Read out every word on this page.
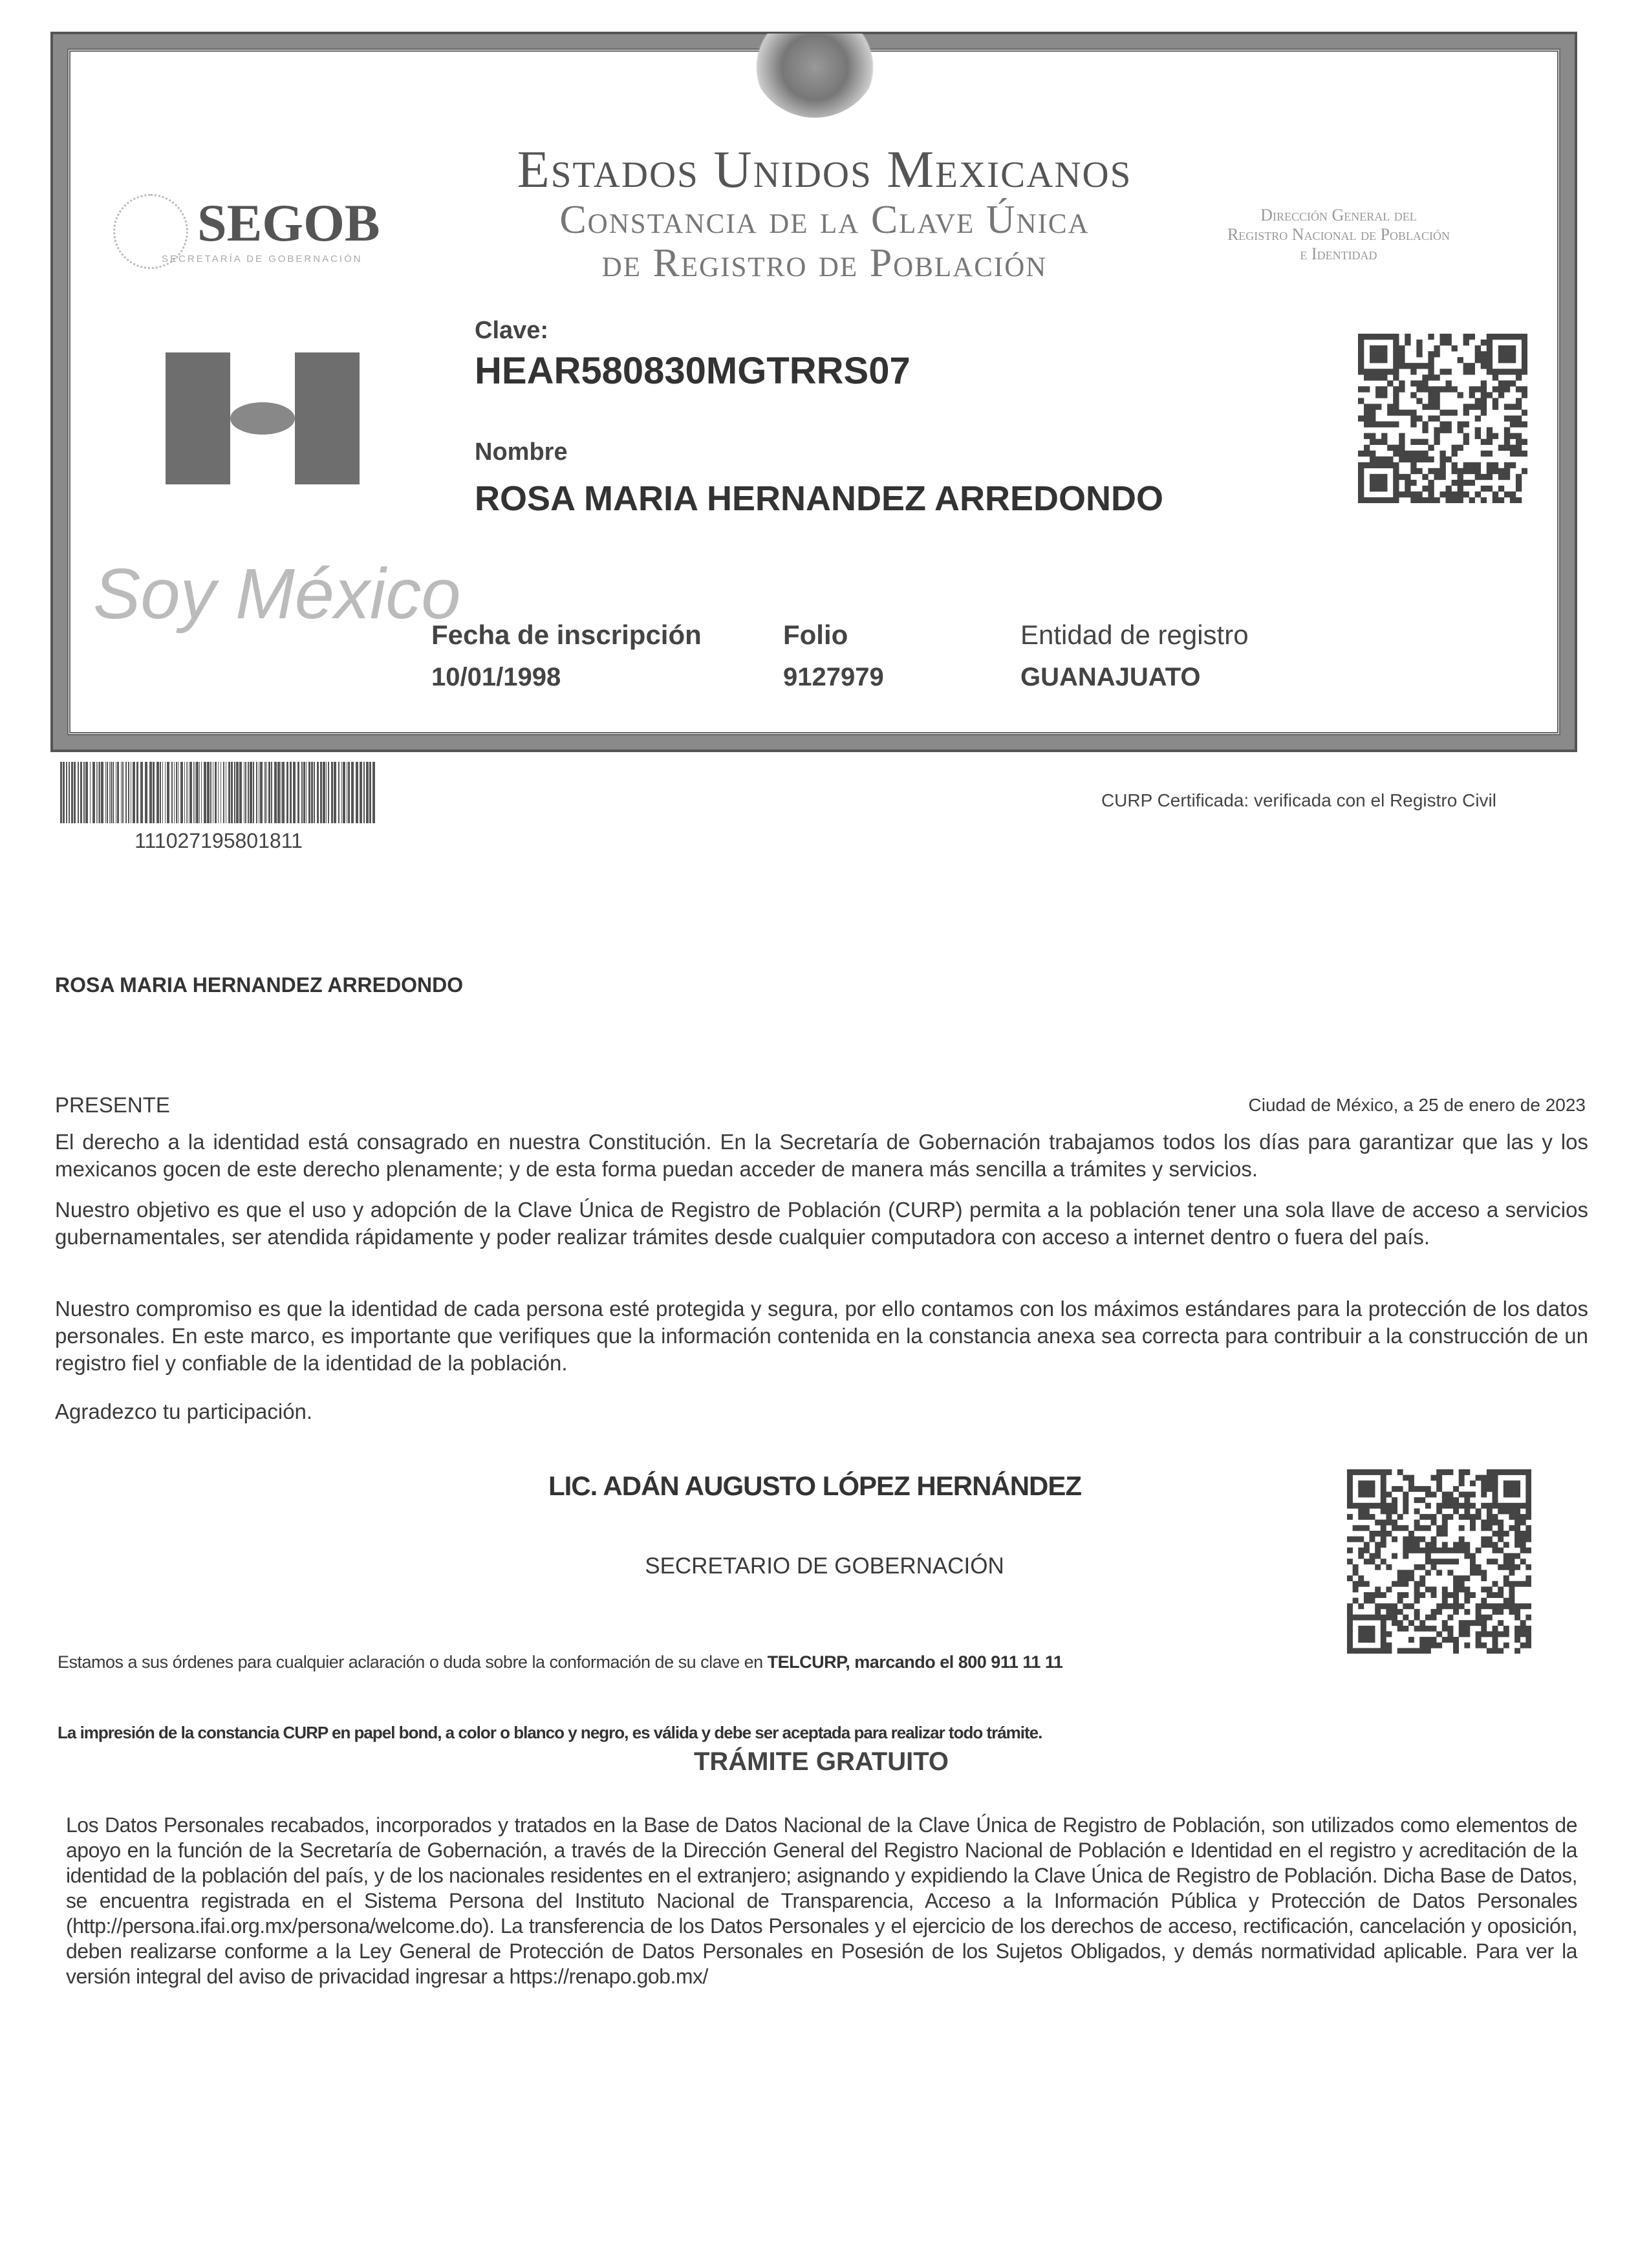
SEGOB
SECRETARÍA DE GOBERNACIÓN
Estados Unidos Mexicanos
Constancia de la Clave Única
de Registro de Población
Dirección General del
Registro Nacional de Población
e Identidad
Clave:
HEAR580830MGTRRS07
Nombre
ROSA MARIA HERNANDEZ ARREDONDO
Soy México
Fecha de inscripción
10/01/1998
Folio
9127979
Entidad de registro
GUANAJUATO
111027195801811
CURP Certificada: verificada con el Registro Civil
ROSA MARIA HERNANDEZ ARREDONDO
PRESENTE	Ciudad de México, a 25 de enero de 2023
El derecho a la identidad está consagrado en nuestra Constitución. En la Secretaría de Gobernación trabajamos todos los días para garantizar que las y los mexicanos gocen de este derecho plenamente; y de esta forma puedan acceder de manera más sencilla a trámites y servicios.
Nuestro objetivo es que el uso y adopción de la Clave Única de Registro de Población (CURP) permita a la población tener una sola llave de acceso a servicios gubernamentales, ser atendida rápidamente y poder realizar trámites desde cualquier computadora con acceso a internet dentro o fuera del país.
Nuestro compromiso es que la identidad de cada persona esté protegida y segura, por ello contamos con los máximos estándares para la protección de los datos personales. En este marco, es importante que verifiques que la información contenida en la constancia anexa sea correcta para contribuir a la construcción de un registro fiel y confiable de la identidad de la población.
Agradezco tu participación.
LIC. ADÁN AUGUSTO LÓPEZ HERNÁNDEZ
SECRETARIO DE GOBERNACIÓN
Estamos a sus órdenes para cualquier aclaración o duda sobre la conformación de su clave en TELCURP, marcando el 800 911 11 11
La impresión de la constancia CURP en papel bond, a color o blanco y negro, es válida y debe ser aceptada para realizar todo trámite.
TRÁMITE GRATUITO
Los Datos Personales recabados, incorporados y tratados en la Base de Datos Nacional de la Clave Única de Registro de Población, son utilizados como elementos de apoyo en la función de la Secretaría de Gobernación, a través de la Dirección General del Registro Nacional de Población e Identidad en el registro y acreditación de la identidad de la población del país, y de los nacionales residentes en el extranjero; asignando y expidiendo la Clave Única de Registro de Población. Dicha Base de Datos, se encuentra registrada en el Sistema Persona del Instituto Nacional de Transparencia, Acceso a la Información Pública y Protección de Datos Personales (http://persona.ifai.org.mx/persona/welcome.do). La transferencia de los Datos Personales y el ejercicio de los derechos de acceso, rectificación, cancelación y oposición, deben realizarse conforme a la Ley General de Protección de Datos Personales en Posesión de los Sujetos Obligados, y demás normatividad aplicable. Para ver la versión integral del aviso de privacidad ingresar a https://renapo.gob.mx/
